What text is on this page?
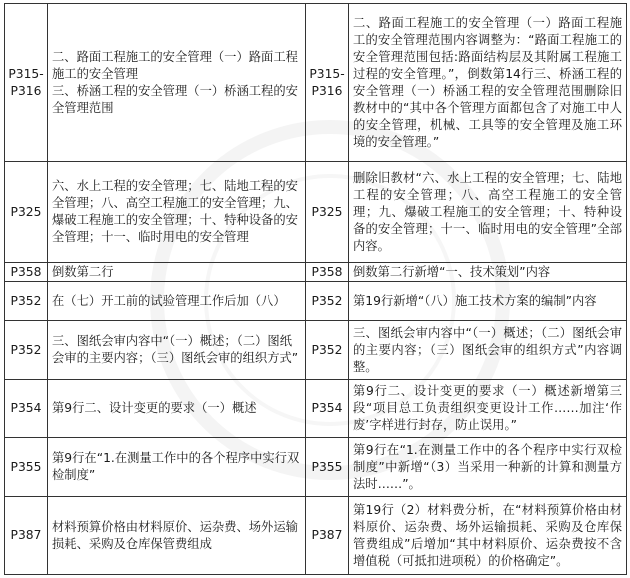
P315-P316	二、路面工程施工的安全管理（一）路面工程施工的安全管理
三、桥涵工程的安全管理（一）桥涵工程的安全管理范围	P315-P316	二、路面工程施工的安全管理（一）路面工程施工的安全管理范围内容调整为：“路面工程施工的安全管理范围包括:路面结构层及其附属工程施工过程的安全管理。”，倒数第14行三、桥涵工程的安全管理（一）桥涵工程的安全管理范围删除旧教材中的“其中各个管理方面都包含了对施工中人的安全管理，机械、工具等的安全管理及施工环境的安全管理。”
P325	六、水上工程的安全管理；七、陆地工程的安全管理；八、高空工程施工的安全管理；九、爆破工程施工的安全管理；十、特种设备的安全管理；十一、临时用电的安全管理	P325	删除旧教材“六、水上工程的安全管理；七、陆地工程的安全管理；八、高空工程施工的安全管理；九、爆破工程施工的安全管理；十、特种设备的安全管理；十一、临时用电的安全管理”全部内容。
P358	倒数第二行	P358	倒数第二行新增“一、技术策划”内容
P352	在（七）开工前的试验管理工作后加（八）	P352	第19行新增“（八）施工技术方案的编制”内容
P352	三、图纸会审内容中“（一）概述；（二）图纸会审的主要内容；（三）图纸会审的组织方式”	P352	三、图纸会审内容中“（一）概述；（二）图纸会审的主要内容；（三）图纸会审的组织方式”内容调整。
P354	第9行二、设计变更的要求（一）概述	P354	第9行二、设计变更的要求（一）概述新增第三段“项目总工负责组织变更设计工作……加注‘作废’字样进行封存，防止误用。”
P355	第9行在“1.在测量工作中的各个程序中实行双检制度”	P355	第9行在“1.在测量工作中的各个程序中实行双检制度”中新增“（3）当采用一种新的计算和测量方法时……”。
P387	材料预算价格由材料原价、运杂费、场外运输损耗、采购及仓库保管费组成	P387	第19行（2）材料费分析，在“材料预算价格由材料原价、运杂费、场外运输损耗、采购及仓库保管费组成”后增加“其中材料原价、运杂费按不含增值税（可抵扣进项税）的价格确定”。
